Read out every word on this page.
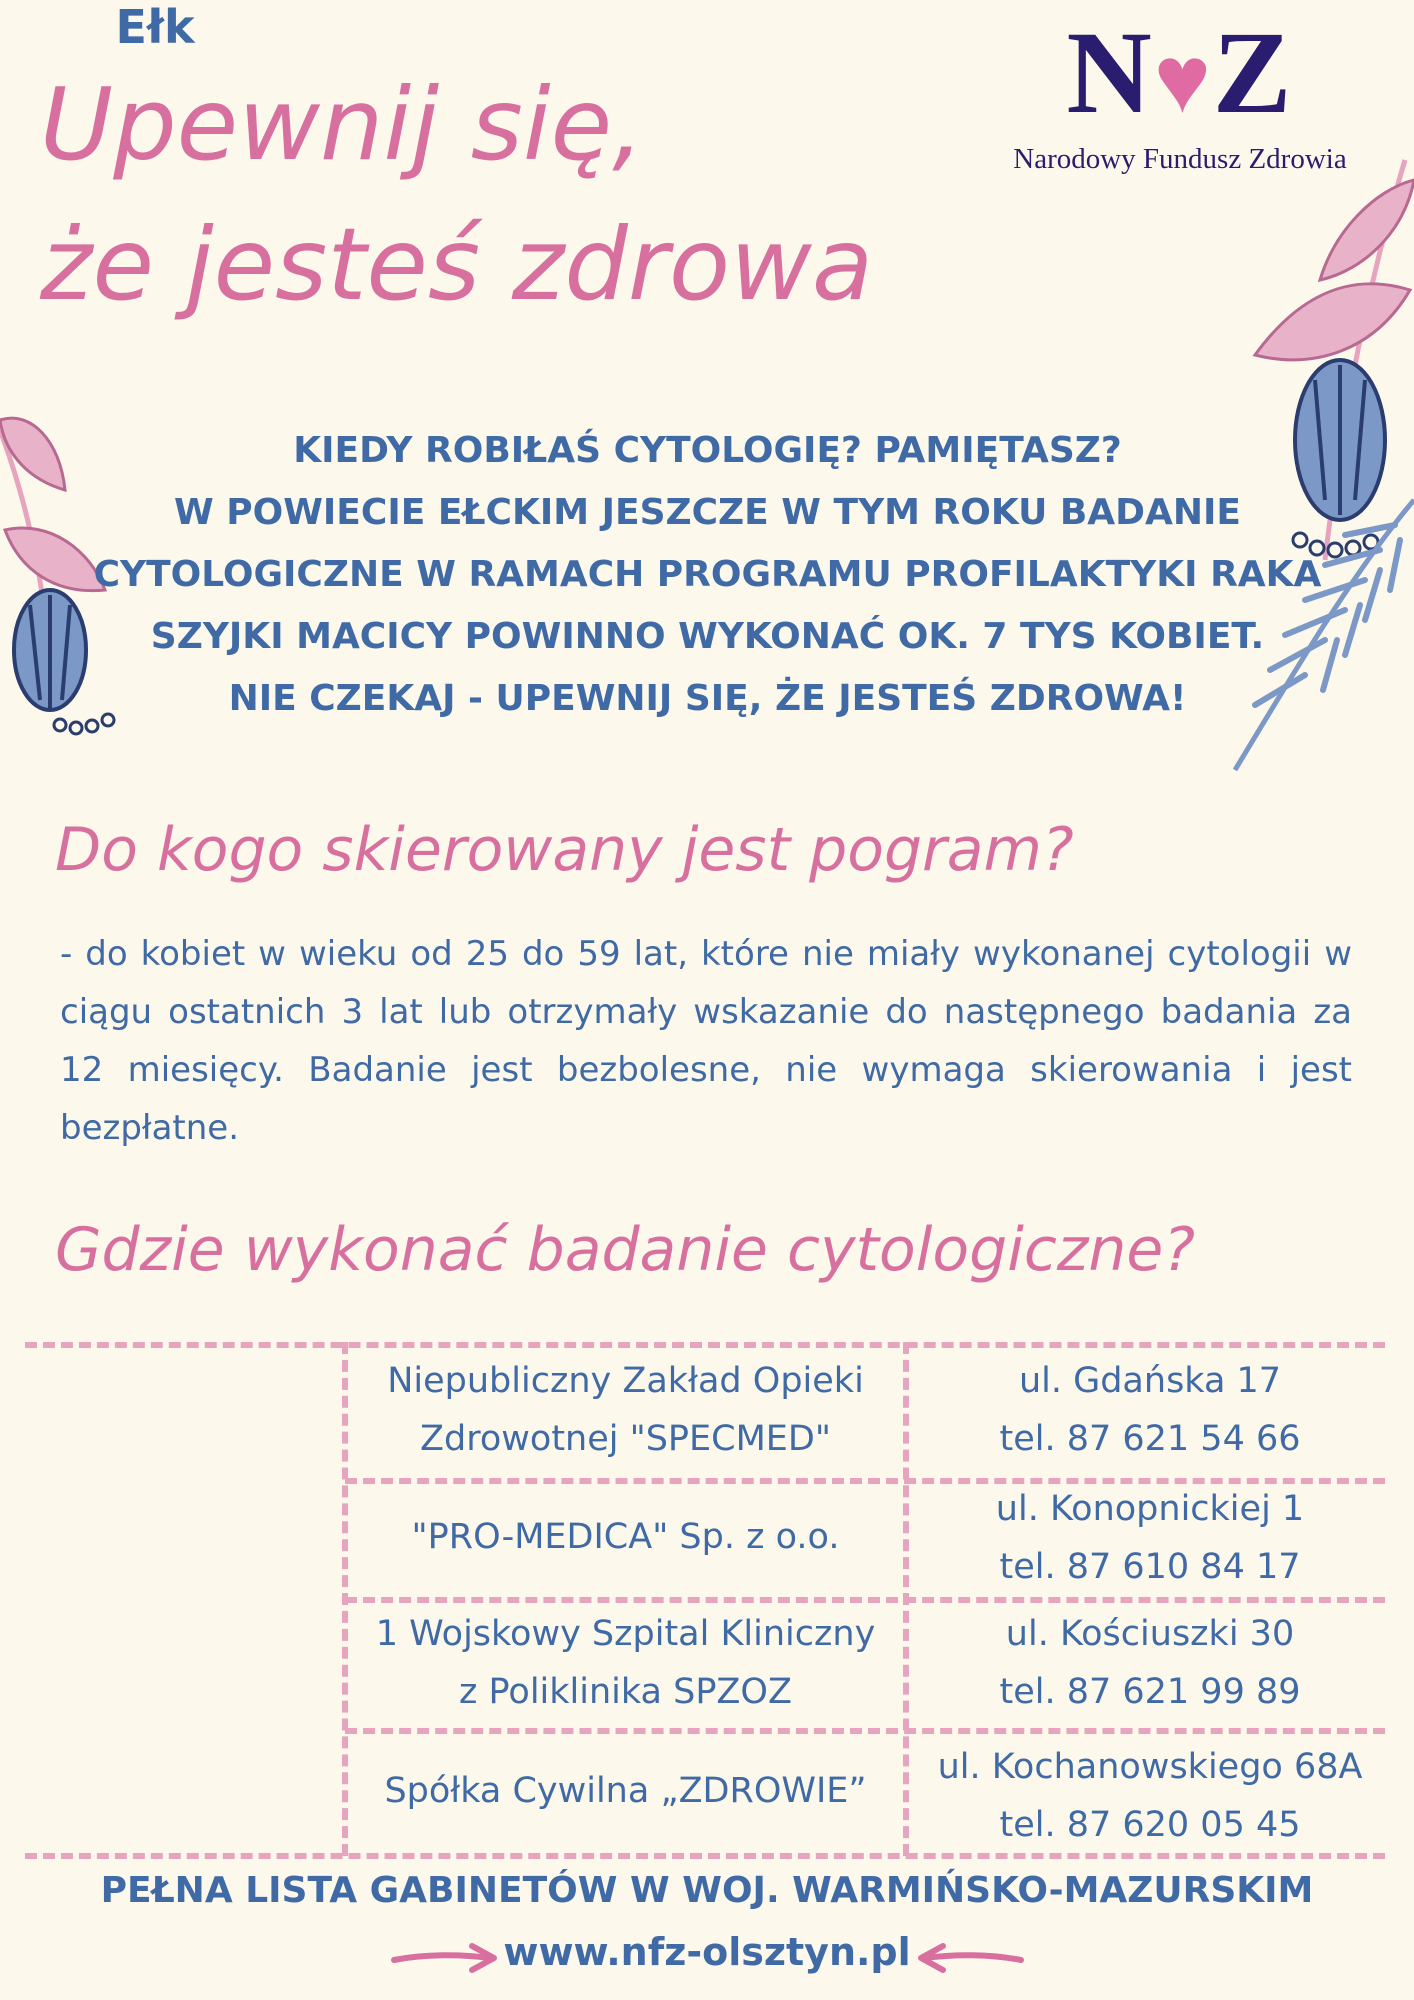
N♥Z
Narodowy Fundusz Zdrowia
Upewnij się,
że jesteś zdrowa
KIEDY ROBIŁAŚ CYTOLOGIĘ? PAMIĘTASZ?
W POWIECIE EŁCKIM JESZCZE W TYM ROKU BADANIE
CYTOLOGICZNE W RAMACH PROGRAMU PROFILAKTYKI RAKA
SZYJKI MACICY POWINNO WYKONAĆ OK. 7 TYS KOBIET.
NIE CZEKAJ - UPEWNIJ SIĘ, ŻE JESTEŚ ZDROWA!
Do kogo skierowany jest pogram?
- do kobiet w wieku od 25 do 59 lat, które nie miały wykonanej cytologii w ciągu ostatnich 3 lat lub otrzymały wskazanie do następnego badania za 12 miesięcy. Badanie jest bezbolesne, nie wymaga skierowania i jest bezpłatne.
Gdzie wykonać badanie cytologiczne?
Ełk
Niepubliczny Zakład Opieki
Zdrowotnej "SPECMED"
ul. Gdańska 17
tel. 87 621 54 66
"PRO-MEDICA" Sp. z o.o.
ul. Konopnickiej 1
tel. 87 610 84 17
1 Wojskowy Szpital Kliniczny
z Poliklinika SPZOZ
ul. Kościuszki 30
tel. 87 621 99 89
Spółka Cywilna „ZDROWIE”
ul. Kochanowskiego 68A
tel. 87 620 05 45
PEŁNA LISTA GABINETÓW W WOJ. WARMIŃSKO-MAZURSKIM
www.nfz-olsztyn.pl
